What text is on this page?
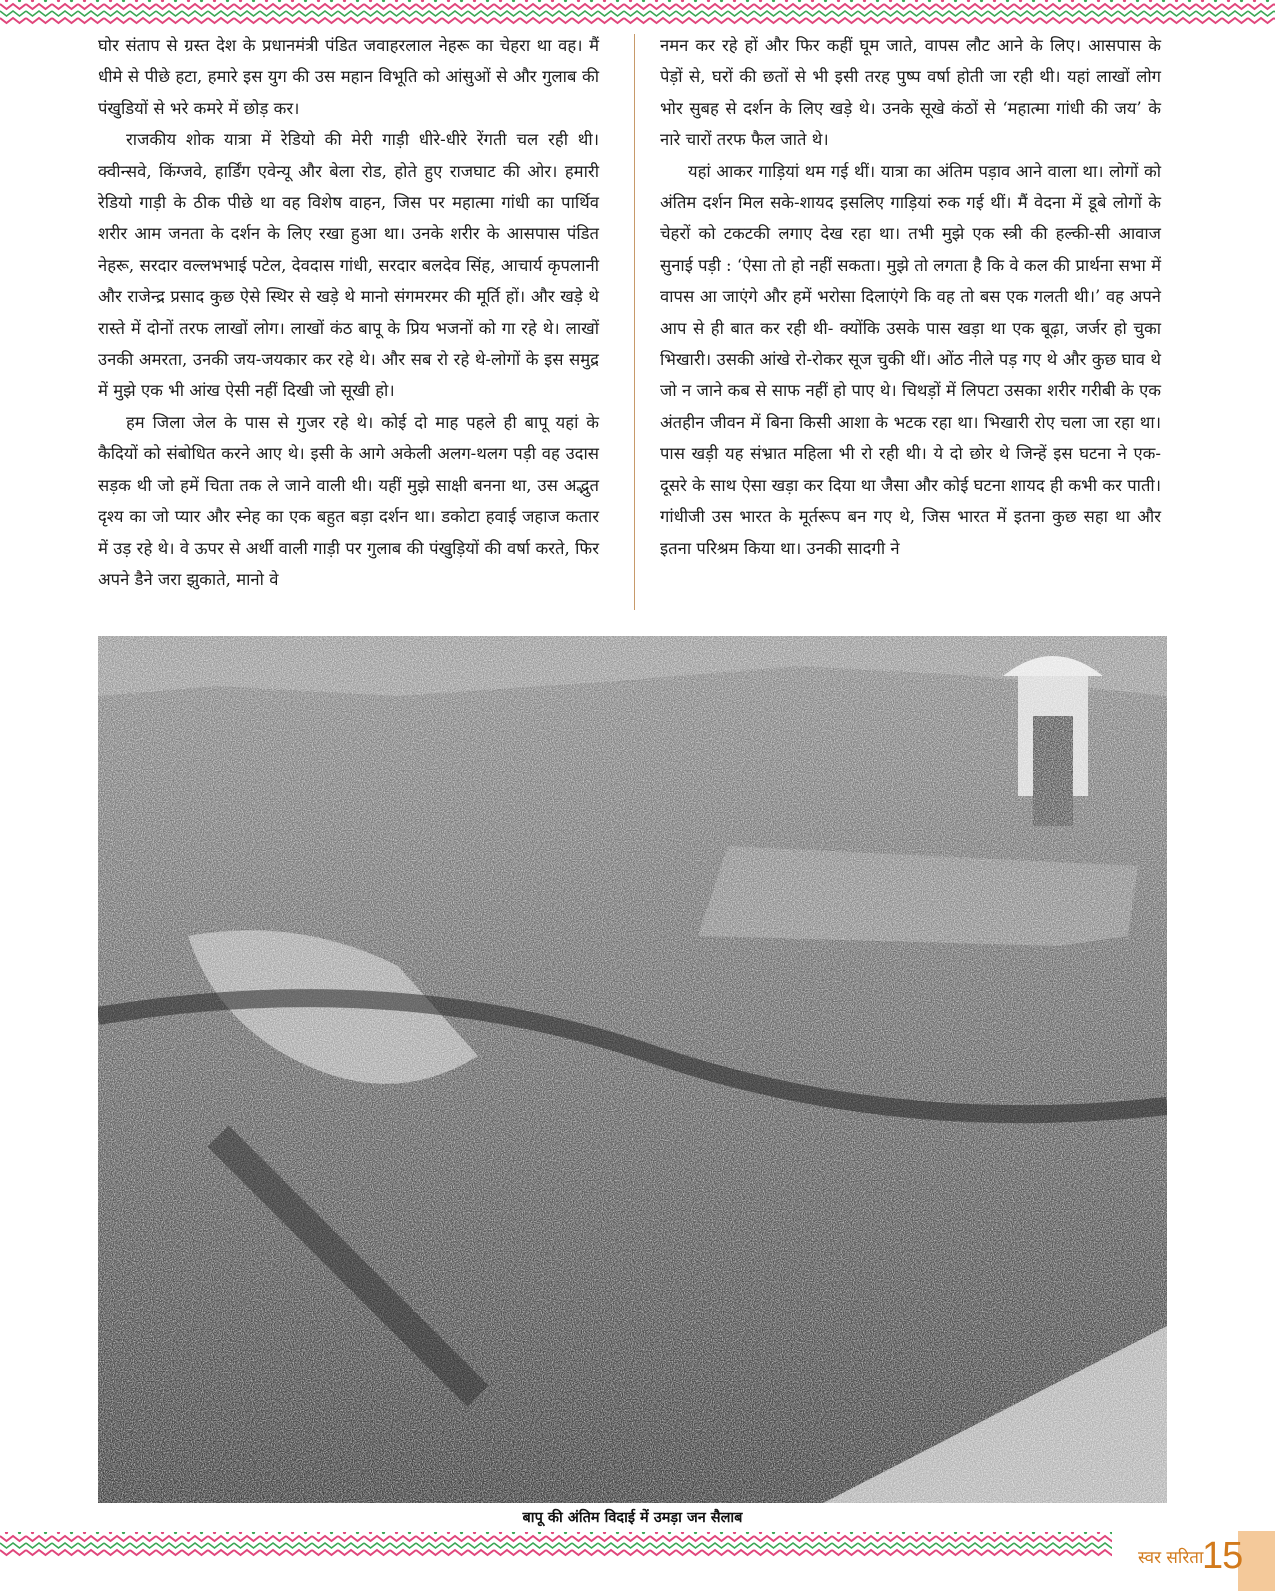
घोर संताप से ग्रस्त देश के प्रधानमंत्री पंडित जवाहरलाल नेहरू का चेहरा था वह। मैं धीमे से पीछे हटा, हमारे इस युग की उस महान विभूति को आंसुओं से और गुलाब की पंखुडियों से भरे कमरे में छोड़ कर।

राजकीय शोक यात्रा में रेडियो की मेरी गाड़ी धीरे-धीरे रेंगती चल रही थी। क्वीन्सवे, किंग्जवे, हार्डिंग एवेन्यू और बेला रोड, होते हुए राजघाट की ओर। हमारी रेडियो गाड़ी के ठीक पीछे था वह विशेष वाहन, जिस पर महात्मा गांधी का पार्थिव शरीर आम जनता के दर्शन के लिए रखा हुआ था। उनके शरीर के आसपास पंडित नेहरू, सरदार वल्लभभाई पटेल, देवदास गांधी, सरदार बलदेव सिंह, आचार्य कृपलानी और राजेन्द्र प्रसाद कुछ ऐसे स्थिर से खड़े थे मानो संगमरमर की मूर्ति हों। और खड़े थे रास्ते में दोनों तरफ लाखों लोग। लाखों कंठ बापू के प्रिय भजनों को गा रहे थे। लाखों उनकी अमरता, उनकी जय-जयकार कर रहे थे। और सब रो रहे थे-लोगों के इस समुद्र में मुझे एक भी आंख ऐसी नहीं दिखी जो सूखी हो।

हम जिला जेल के पास से गुजर रहे थे। कोई दो माह पहले ही बापू यहां के कैदियों को संबोधित करने आए थे। इसी के आगे अकेली अलग-थलग पड़ी वह उदास सड़क थी जो हमें चिता तक ले जाने वाली थी। यहीं मुझे साक्षी बनना था, उस अद्भुत दृश्य का जो प्यार और स्नेह का एक बहुत बड़ा दर्शन था। डकोटा हवाई जहाज कतार में उड़ रहे थे। वे ऊपर से अर्थी वाली गाड़ी पर गुलाब की पंखुड़ियों की वर्षा करते, फिर अपने डैने जरा झुकाते, मानो वे

नमन कर रहे हों और फिर कहीं घूम जाते, वापस लौट आने के लिए। आसपास के पेड़ों से, घरों की छतों से भी इसी तरह पुष्प वर्षा होती जा रही थी। यहां लाखों लोग भोर सुबह से दर्शन के लिए खड़े थे। उनके सूखे कंठों से ‘महात्मा गांधी की जय’ के नारे चारों तरफ फैल जाते थे।

यहां आकर गाड़ियां थम गई थीं। यात्रा का अंतिम पड़ाव आने वाला था। लोगों को अंतिम दर्शन मिल सके-शायद इसलिए गाड़ियां रुक गई थीं। मैं वेदना में डूबे लोगों के चेहरों को टकटकी लगाए देख रहा था। तभी मुझे एक स्त्री की हल्की-सी आवाज सुनाई पड़ी : ‘ऐसा तो हो नहीं सकता। मुझे तो लगता है कि वे कल की प्रार्थना सभा में वापस आ जाएंगे और हमें भरोसा दिलाएंगे कि वह तो बस एक गलती थी।’ वह अपने आप से ही बात कर रही थी- क्योंकि उसके पास खड़ा था एक बूढ़ा, जर्जर हो चुका भिखारी। उसकी आंखे रो-रोकर सूज चुकी थीं। ओंठ नीले पड़ गए थे और कुछ घाव थे जो न जाने कब से साफ नहीं हो पाए थे। चिथड़ों में लिपटा उसका शरीर गरीबी के एक अंतहीन जीवन में बिना किसी आशा के भटक रहा था। भिखारी रोए चला जा रहा था। पास खड़ी यह संभ्रात महिला भी रो रही थी। ये दो छोर थे जिन्हें इस घटना ने एक-दूसरे के साथ ऐसा खड़ा कर दिया था जैसा और कोई घटना शायद ही कभी कर पाती। गांधीजी उस भारत के मूर्तरूप बन गए थे, जिस भारत में इतना कुछ सहा था और इतना परिश्रम किया था। उनकी सादगी ने

बापू की अंतिम विदाई में उमड़ा जन सैलाब
स्वर सरिता
15
